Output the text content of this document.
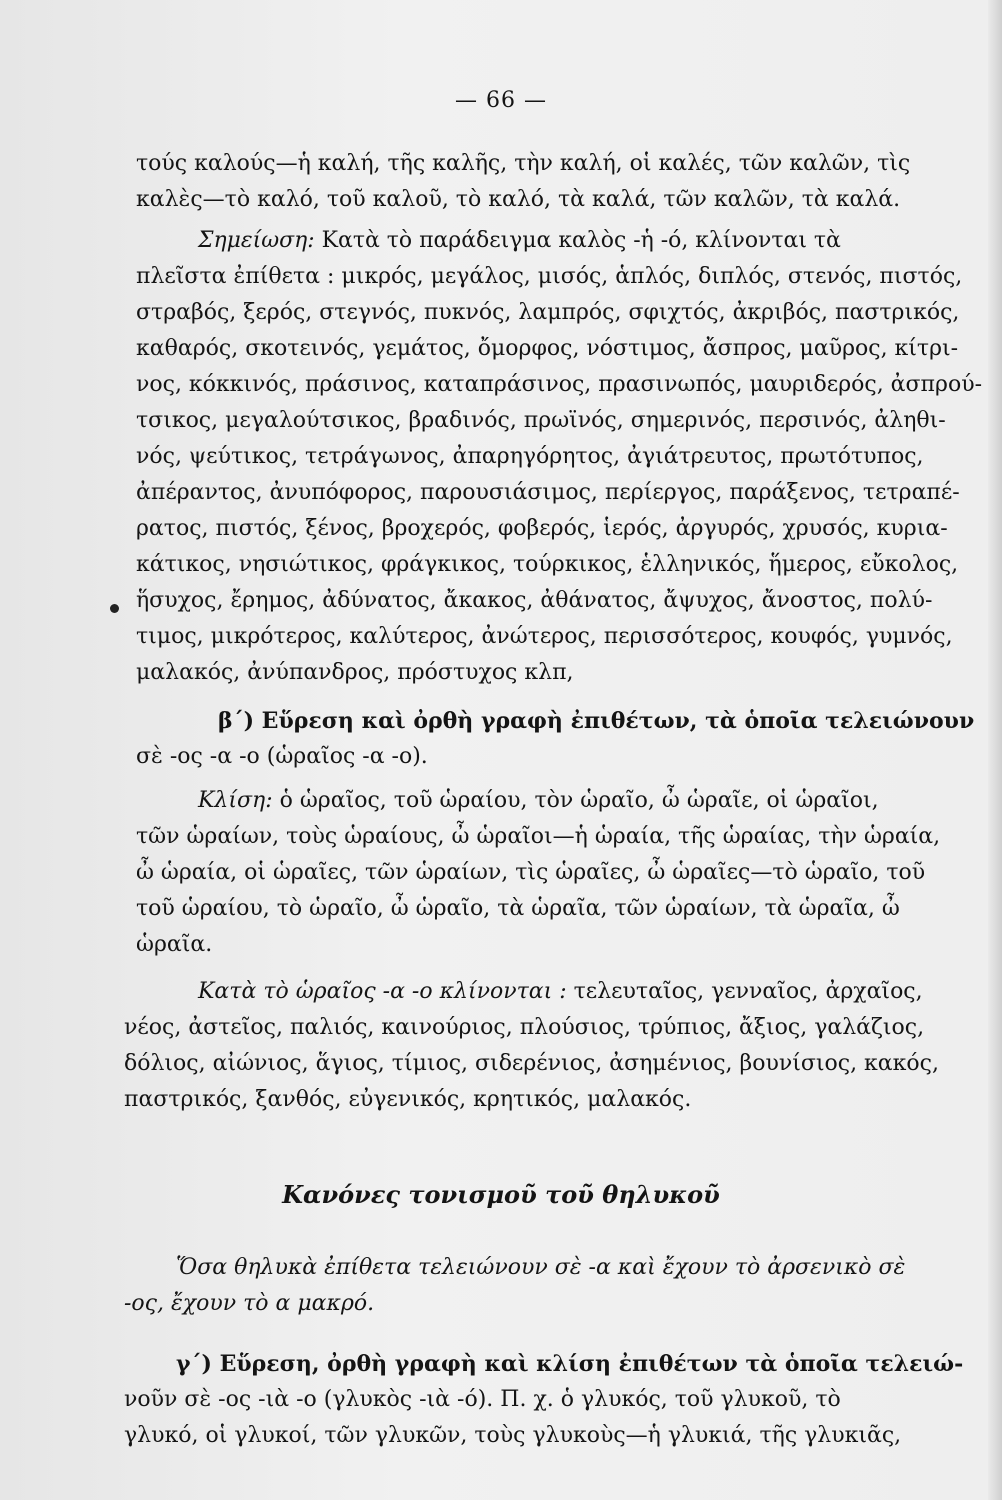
— 66 —
τούς καλούς—ἡ καλή, τῆς καλῆς, τὴν καλή, οἱ καλές, τῶν καλῶν, τὶς
καλὲς—τὸ καλό, τοῦ καλοῦ, τὸ καλό, τὰ καλά, τῶν καλῶν, τὰ καλά.
Σημείωση: Κατὰ τὸ παράδειγμα καλὸς -ἡ -ό, κλίνονται τὰ
πλεῖστα ἐπίθετα : μικρός, μεγάλος, μισός, ἁπλός, διπλός, στενός, πιστός,
στραβός, ξερός, στεγνός, πυκνός, λαμπρός, σφιχτός, ἀκριβός, παστρικός,
καθαρός, σκοτεινός, γεμάτος, ὄμορφος, νόστιμος, ἄσπρος, μαῦρος, κίτρι-
νος, κόκκινός, πράσινος, καταπράσινος, πρασινωπός, μαυριδερός, ἀσπρού-
τσικος, μεγαλούτσικος, βραδινός, πρωϊνός, σημερινός, περσινός, ἀληθι-
νός, ψεύτικος, τετράγωνος, ἀπαρηγόρητος, ἀγιάτρευτος, πρωτότυπος,
ἀπέραντος, ἀνυπόφορος, παρουσιάσιμος, περίεργος, παράξενος, τετραπέ-
ρατος, πιστός, ξένος, βροχερός, φοβερός, ἱερός, ἀργυρός, χρυσός, κυρια-
κάτικος, νησιώτικος, φράγκικος, τούρκικος, ἑλληνικός, ἥμερος, εὔκολος,
ἥσυχος, ἔρημος, ἀδύνατος, ἄκακος, ἀθάνατος, ἄψυχος, ἄνοστος, πολύ-
τιμος, μικρότερος, καλύτερος, ἀνώτερος, περισσότερος, κουφός, γυμνός,
μαλακός, ἀνύπανδρος, πρόστυχος κλπ,
β΄) Εὕρεση καὶ ὀρθὴ γραφὴ ἐπιθέτων, τὰ ὁποῖα τελειώνουν
σὲ -ος -α -ο (ὡραῖος -α -ο).
Κλίση: ὁ ὡραῖος, τοῦ ὡραίου, τὸν ὡραῖο, ὦ ὡραῖε, οἱ ὡραῖοι,
τῶν ὡραίων, τοὺς ὡραίους, ὦ ὡραῖοι—ἡ ὡραία, τῆς ὡραίας, τὴν ὡραία,
ὦ ὡραία, οἱ ὡραῖες, τῶν ὡραίων, τὶς ὡραῖες, ὦ ὡραῖες—τὸ ὡραῖο, τοῦ
τοῦ ὡραίου, τὸ ὡραῖο, ὦ ὡραῖο, τὰ ὡραῖα, τῶν ὡραίων, τὰ ὡραῖα, ὦ
ὡραῖα.
Κατὰ τὸ ὡραῖος -α -ο κλίνονται : τελευταῖος, γενναῖος, ἀρχαῖος,
νέος, ἀστεῖος, παλιός, καινούριος, πλούσιος, τρύπιος, ἄξιος, γαλάζιος,
δόλιος, αἰώνιος, ἅγιος, τίμιος, σιδερένιος, ἀσημένιος, βουνίσιος, κακός,
παστρικός, ξανθός, εὐγενικός, κρητικός, μαλακός.
Κανόνες τονισμοῦ τοῦ θηλυκοῦ
Ὅσα θηλυκὰ ἐπίθετα τελειώνουν σὲ -α καὶ ἔχουν τὸ ἀρσενικὸ σὲ
-ος, ἔχουν τὸ α μακρό.
γ΄) Εὕρεση, ὀρθὴ γραφὴ καὶ κλίση ἐπιθέτων τὰ ὁποῖα τελειώ-
νοῦν σὲ -ος -ιὰ -ο (γλυκὸς -ιὰ -ό). Π. χ. ὁ γλυκός, τοῦ γλυκοῦ, τὸ
γλυκό, οἱ γλυκοί, τῶν γλυκῶν, τοὺς γλυκοὺς—ἡ γλυκιά, τῆς γλυκιᾶς,
